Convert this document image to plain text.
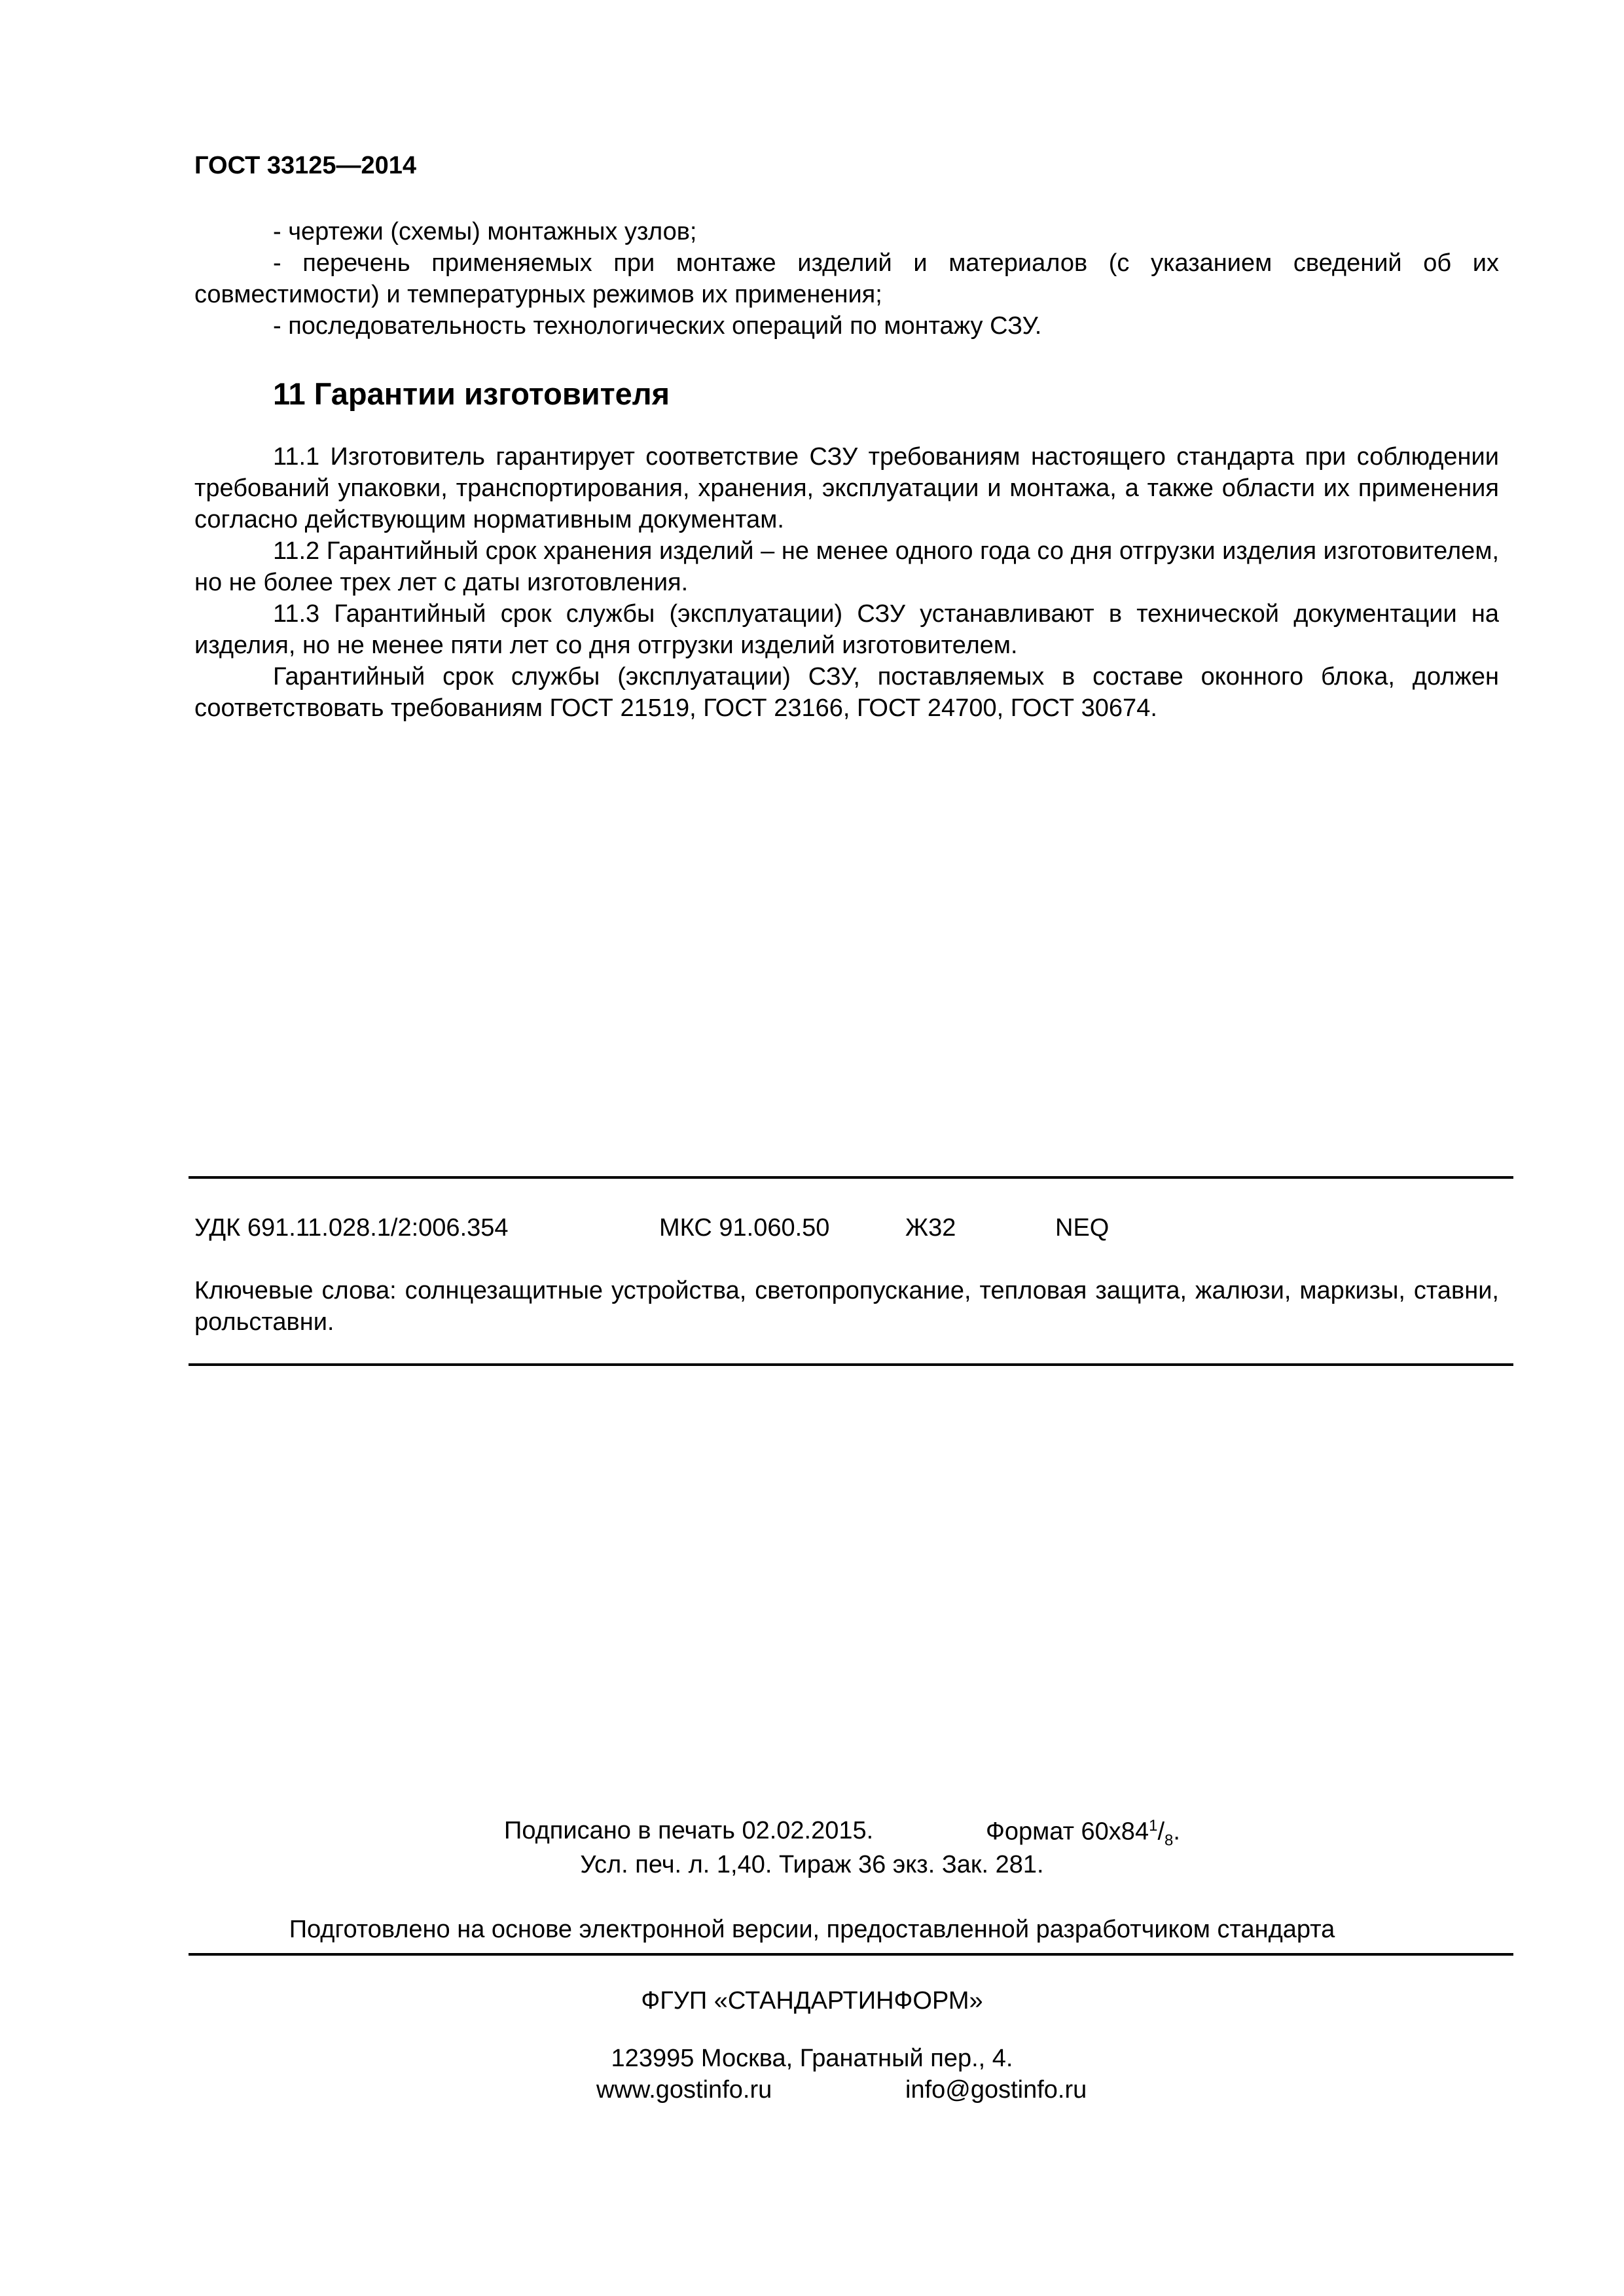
ГОСТ 33125—2014
- чертежи (схемы) монтажных узлов;
- перечень применяемых при монтаже изделий и материалов (с указанием сведений об их совместимости) и температурных режимов их применения;
- последовательность технологических операций по монтажу СЗУ.
11 Гарантии изготовителя
11.1 Изготовитель гарантирует соответствие СЗУ требованиям настоящего стандарта при соблюдении требований упаковки, транспортирования, хранения, эксплуатации и монтажа, а также области их применения согласно действующим нормативным документам.
11.2 Гарантийный срок хранения изделий – не менее одного года со дня отгрузки изделия изготовителем, но не более трех лет с даты изготовления.
11.3 Гарантийный срок службы (эксплуатации) СЗУ устанавливают в технической документации на изделия, но не менее пяти лет со дня отгрузки изделий изготовителем.
Гарантийный срок службы (эксплуатации) СЗУ, поставляемых в составе оконного блока, должен соответствовать требованиям ГОСТ 21519, ГОСТ 23166, ГОСТ 24700, ГОСТ 30674.
УДК 691.11.028.1/2:006.354	МКС 91.060.50	Ж32	NEQ
Ключевые слова: солнцезащитные устройства, светопропускание, тепловая защита, жалюзи, маркизы, ставни, рольставни.
Подписано в печать 02.02.2015.	Формат $60х84^1/_8$.
Усл. печ. л. 1,40. Тираж 36 экз. Зак. 281.
Подготовлено на основе электронной версии, предоставленной разработчиком стандарта
ФГУП «СТАНДАРТИНФОРМ»
123995 Москва, Гранатный пер., 4.
www.gostinfo.ru	info@gostinfo.ru
